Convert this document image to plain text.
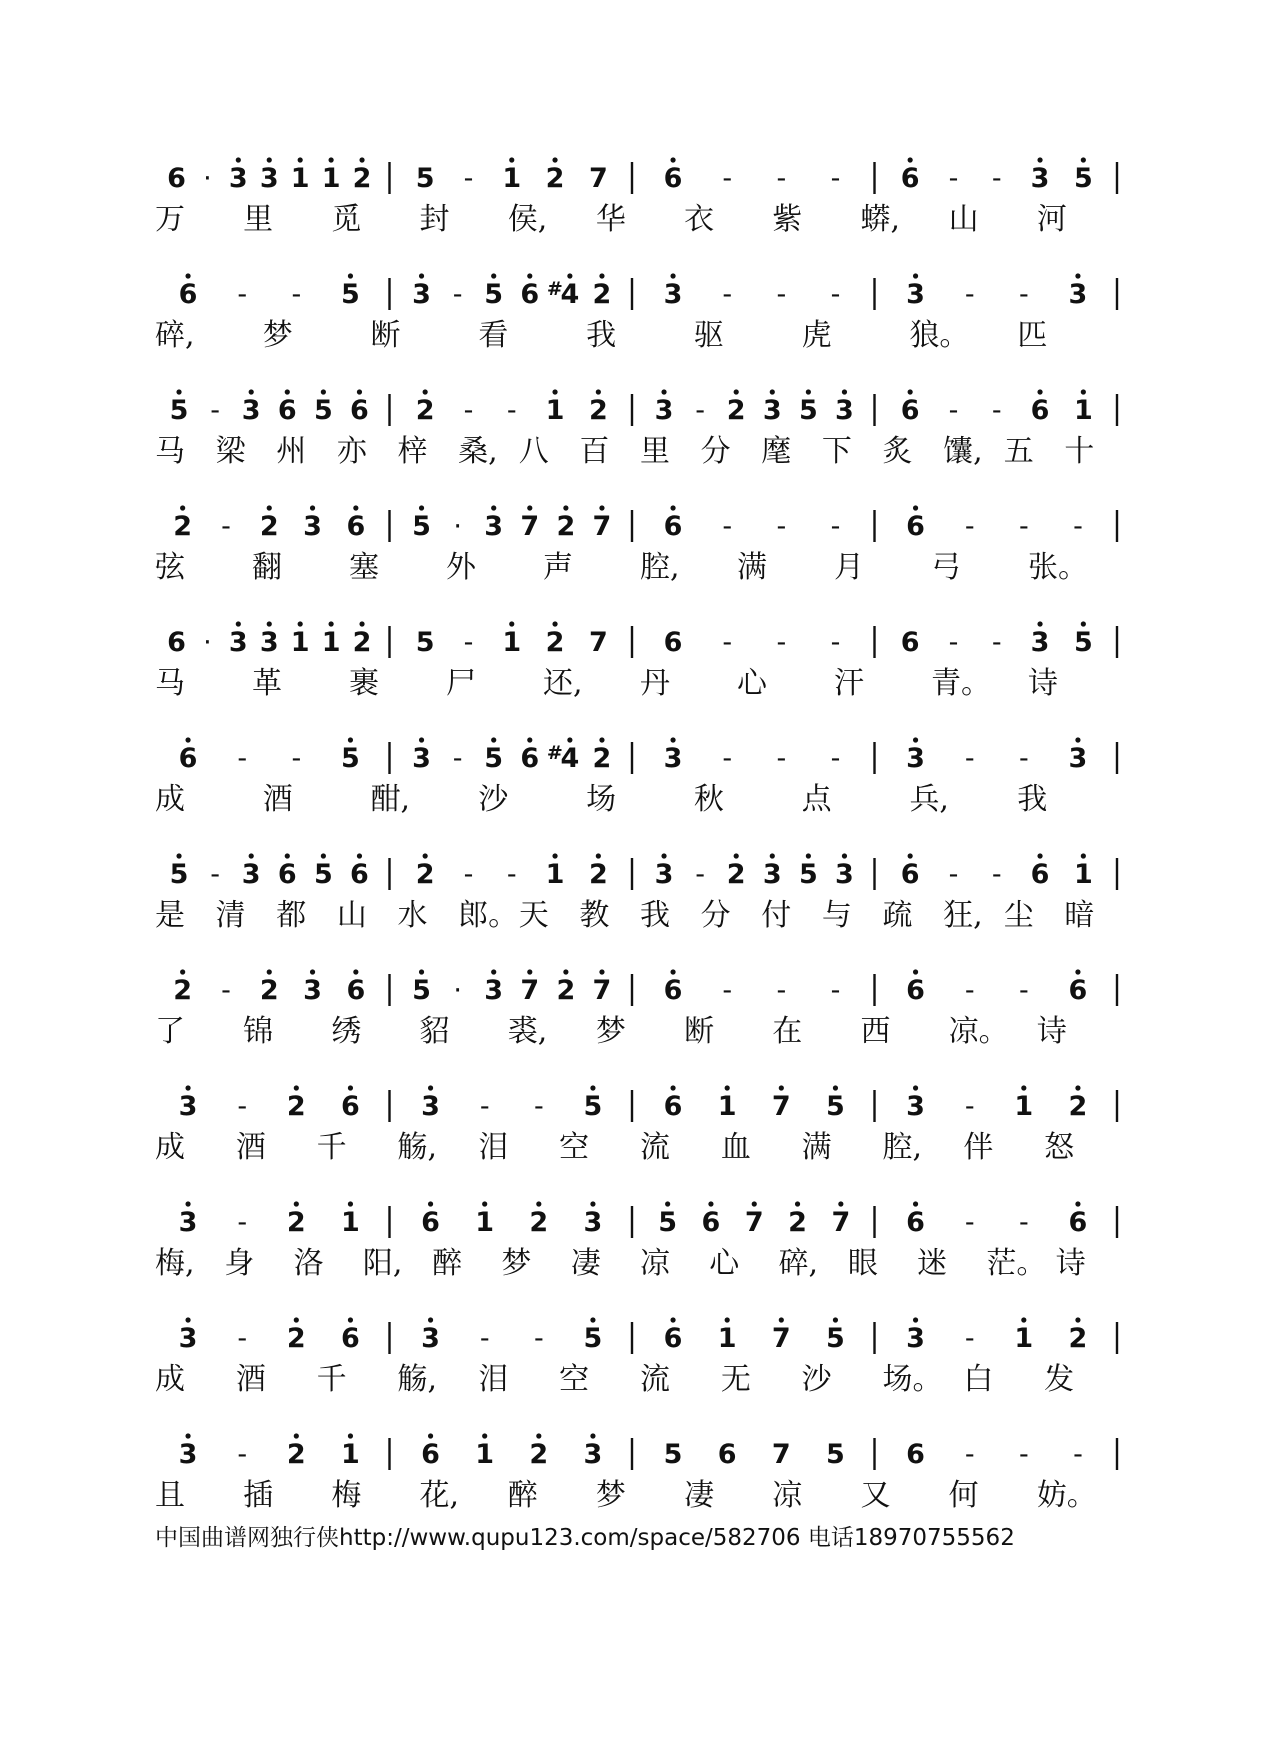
6 · 3 3 1 1 2 5 - 1 2 7 6 - - - 6 - - 3 5
万 里 觅 封 侯, 华 衣 紫 蟒, 山 河
6 - - 5 3 - 5 6 #
4 2 3 - - - 3 - - 3
碎, 梦	断	看	我	驱	虎	狼。 匹
5 - 3 6 5 6 2 - - 1 2 3 - 2 3 5 3 6 - - 6 1
马 梁 州 亦 梓 桑, 八 百 里 分 麾 下 炙 馕, 五 十
2 - 2 3 6 5 · 3 7 2 7 6 - - - 6 - - -
弦 翻 塞 外 声 腔, 满 月 弓 张。
6 · 3 3 1 1 2 5 - 1 2 7 6 - - - 6 - - 3 5
马 革 裹 尸 还, 丹 心 汗 青。 诗
6 - - 5 3 - 5 6 #
4 2 3 - - - 3 - - 3
成	酒	酣, 沙	场	秋	点	兵, 我
5 - 3 6 5 6 2 - - 1 2 3 - 2 3 5 3 6 - - 6 1
是 清 都 山 水 郎。 天 教 我 分 付 与 疏 狂, 尘 暗
2 - 2 3 6 5 · 3 7 2 7 6 - - - 6 - - 6
了 锦 绣 貂 裘, 梦 断 在 西 凉。 诗
3 - 2 6 3 - - 5 6 1 7 5 3 - 1 2
成 酒 千 觞, 泪 空 流 血 满 腔, 伴 怒
3 - 2 1 6 1 2 3 5 6 7 2 7 6 - - 6
梅, 身 洛 阳, 醉 梦 凄 凉 心 碎, 眼 迷 茫。 诗
3 - 2 6 3 - - 5 6 1 7 5 3 - 1 2
成 酒 千 觞, 泪 空 流 无 沙 场。 白 发
3 - 2 1 6 1 2 3 5 6 7 5 6 - - -
且 插 梅 花, 醉 梦 凄 凉 又 何 妨。
中国曲谱网独行侠http://www.qupu123.com/space/582706 电话18970755562
